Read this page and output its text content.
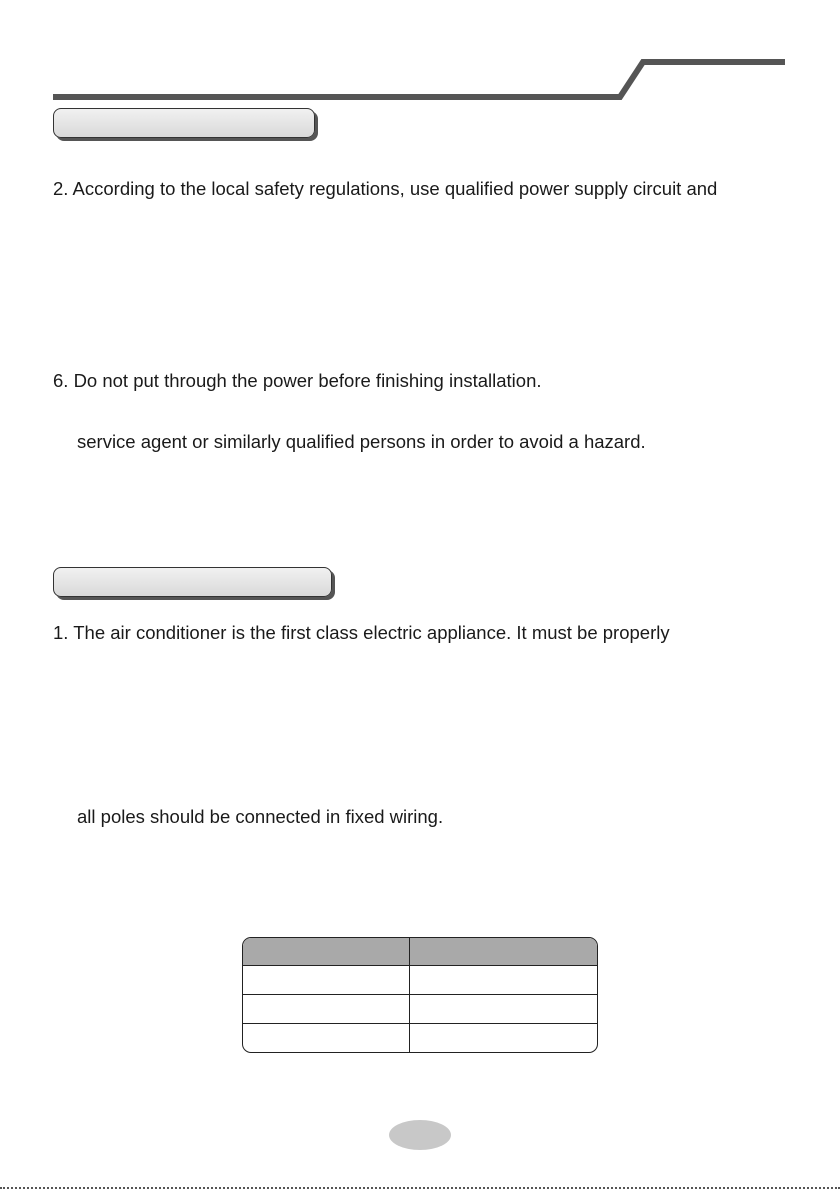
2. According to the local safety regulations, use qualified power supply circuit and
6. Do not put through the power before finishing installation.
service agent or similarly qualified persons in order to avoid a hazard.
1. The air conditioner is the first class electric appliance. It must be properly
all poles should be connected in fixed wiring.
